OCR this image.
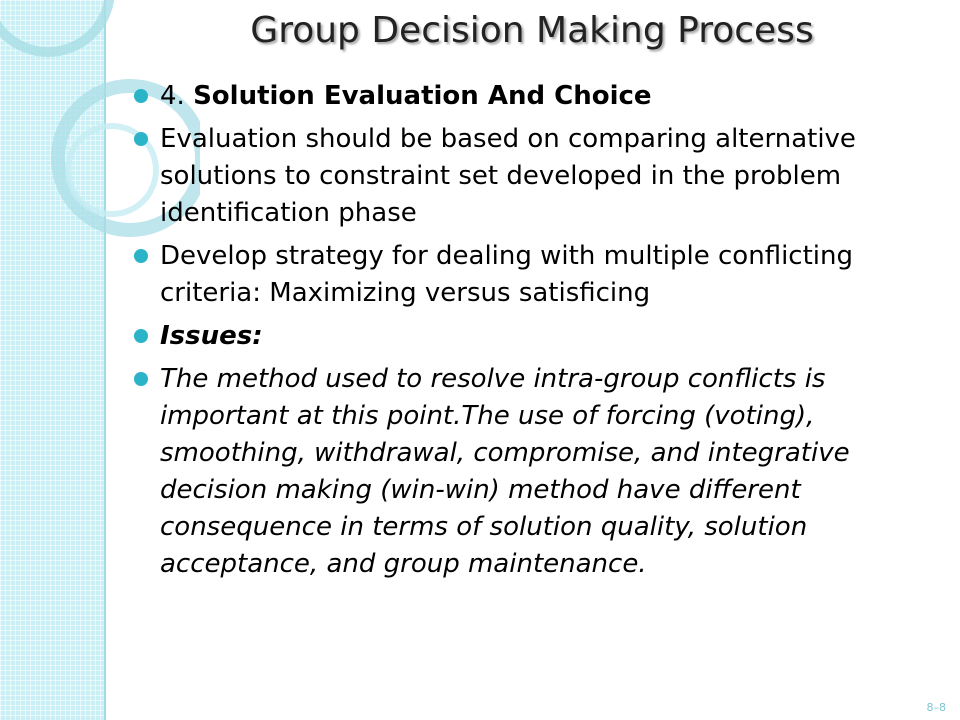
Group Decision Making Process
4. Solution Evaluation And Choice
Evaluation should be based on comparing alternative solutions to constraint set developed in the problem identification phase
Develop strategy for dealing with multiple conflicting criteria: Maximizing versus satisficing
Issues:
The method used to resolve intra-group conflicts is important at this point.The use of forcing (voting), smoothing, withdrawal, compromise, and integrative decision making (win-win) method have different consequence in terms of solution quality, solution acceptance, and group maintenance.
8–8
